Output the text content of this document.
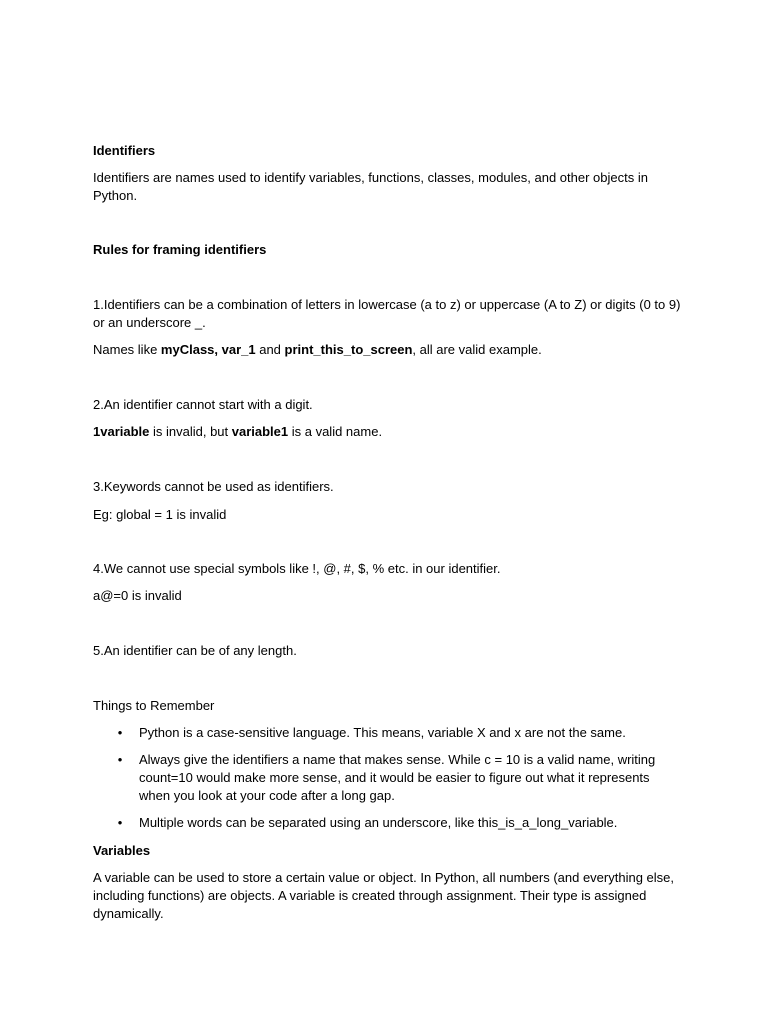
Identifiers
Identifiers are names used to identify variables, functions, classes, modules, and other objects in Python.
Rules for framing identifiers
1.Identifiers can be a combination of letters in lowercase (a to z) or uppercase (A to Z) or digits (0 to 9) or an underscore _.
Names like myClass, var_1 and print_this_to_screen, all are valid example.
2.An identifier cannot start with a digit.
1variable is invalid, but variable1 is a valid name.
3.Keywords cannot be used as identifiers.
Eg: global = 1 is invalid
4.We cannot use special symbols like !, @, #, $, % etc. in our identifier.
a@=0 is invalid
5.An identifier can be of any length.
Things to Remember
• Python is a case-sensitive language. This means, variable X and x are not the same.
• Always give the identifiers a name that makes sense. While c = 10 is a valid name, writing count=10 would make more sense, and it would be easier to figure out what it represents when you look at your code after a long gap.
• Multiple words can be separated using an underscore, like this_is_a_long_variable.
Variables
A variable can be used to store a certain value or object. In Python, all numbers (and everything else, including functions) are objects. A variable is created through assignment. Their type is assigned dynamically.
